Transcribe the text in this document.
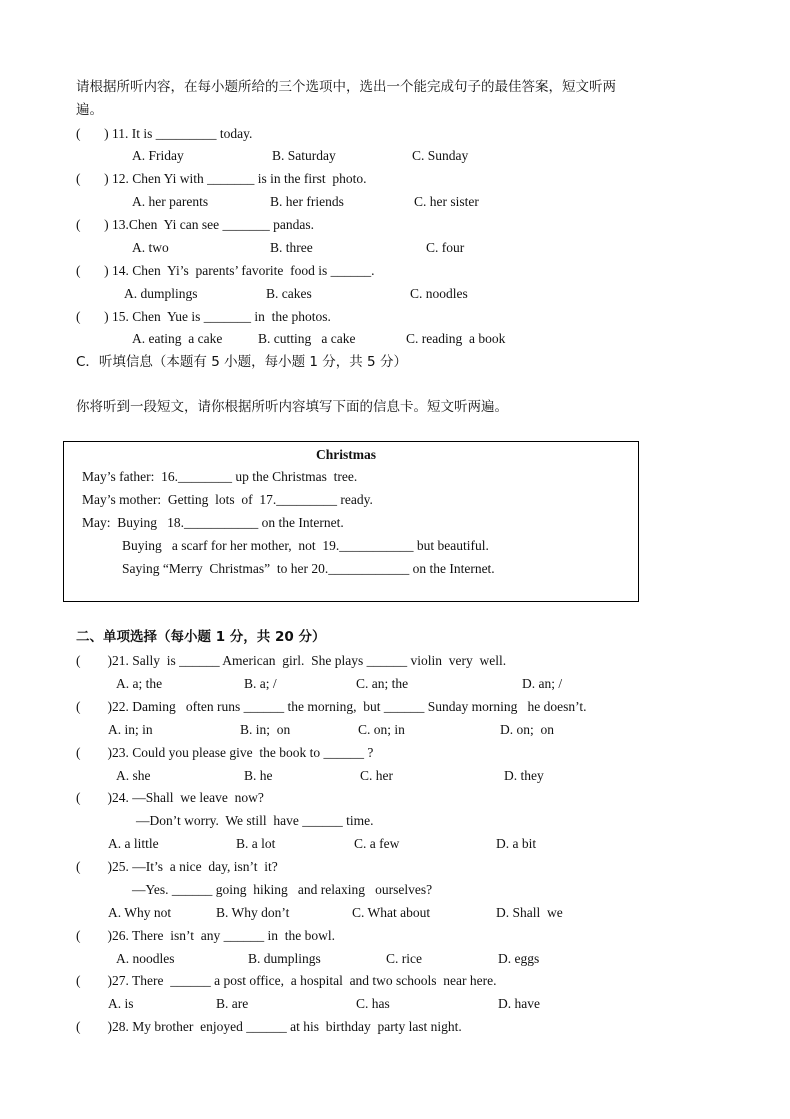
请根据所听内容，在每小题所给的三个选项中，选出一个能完成句子的最佳答案，短文听两
遍。
(       ) 11. It is _________ today.
A. Friday	B. Saturday	C. Sunday
(       ) 12. Chen Yi with _______ is in the first  photo.
A. her parents	B. her friends	C. her sister
(       ) 13.Chen  Yi can see _______ pandas.
A. two	B. three	C. four
(       ) 14. Chen  Yi’s  parents’ favorite  food is ______.
A. dumplings	B. cakes	C. noodles
(       ) 15. Chen  Yue is _______ in  the photos.
A. eating  a cake	B. cutting   a cake	C. reading  a book
C．听填信息（本题有 5 小题，每小题 1 分，共 5 分）
你将听到一段短文，请你根据所听内容填写下面的信息卡。短文听两遍。
Christmas
May’s father:  16.________ up the Christmas  tree.
May’s mother:  Getting  lots  of  17._________ ready.
May:  Buying   18.___________ on the Internet.
Buying   a scarf for her mother,  not  19.___________ but beautiful.
Saying “Merry  Christmas”  to her 20.____________ on the Internet.
二、单项选择（每小题 1 分，共 20 分）
(        )21. Sally  is ______ American  girl.  She plays ______ violin  very  well.
A. a; the	B. a; /	C. an; the	D. an; /
(        )22. Daming   often runs ______ the morning,  but ______ Sunday morning   he doesn’t.
A. in; in	B. in;  on	C. on; in	D. on;  on
(        )23. Could you please give  the book to ______ ?
A. she	B. he	C. her	D. they
(        )24. —Shall  we leave  now?
—Don’t worry.  We still  have ______ time.
A. a little	B. a lot	C. a few	D. a bit
(        )25. —It’s  a nice  day, isn’t  it?
—Yes. ______ going  hiking   and relaxing   ourselves?
A. Why not	B. Why don’t	C. What about	D. Shall  we
(        )26. There  isn’t  any ______ in  the bowl.
A. noodles	B. dumplings	C. rice	D. eggs
(        )27. There  ______ a post office,  a hospital  and two schools  near here.
A. is	B. are	C. has	D. have
(        )28. My brother  enjoyed ______ at his  birthday  party last night.
